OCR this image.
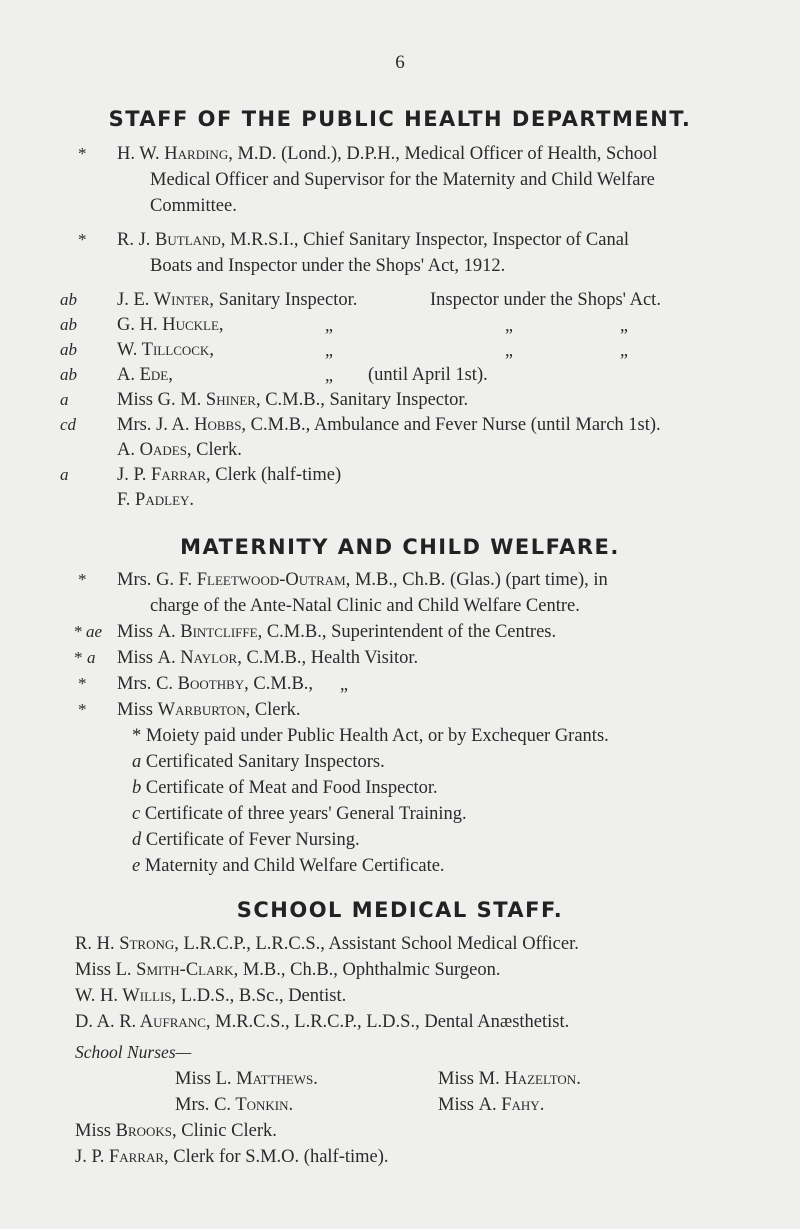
6
STAFF OF THE PUBLIC HEALTH DEPARTMENT.
* H. W. Harding, M.D. (Lond.), D.P.H., Medical Officer of Health, School
Medical Officer and Supervisor for the Maternity and Child Welfare
Committee.
* R. J. Butland, M.R.S.I., Chief Sanitary Inspector, Inspector of Canal
Boats and Inspector under the Shops' Act, 1912.
ab J. E. Winter, Sanitary Inspector.	Inspector under the Shops' Act.
ab G. H. Huckle,	„	„	„
ab W. Tillcock,	„	„	„
ab A. Ede,	„ (until April 1st).
a	Miss G. M. Shiner, C.M.B., Sanitary Inspector.
cd Mrs. J. A. Hobbs, C.M.B., Ambulance and Fever Nurse (until March 1st).
A. Oades, Clerk.
a	J. P. Farrar, Clerk (half-time)
F. Padley.
MATERNITY AND CHILD WELFARE.
* Mrs. G. F. Fleetwood-Outram, M.B., Ch.B. (Glas.) (part time), in
charge of the Ante-Natal Clinic and Child Welfare Centre.
* ae Miss A. Bintcliffe, C.M.B., Superintendent of the Centres.
* a Miss A. Naylor, C.M.B., Health Visitor.
* Mrs. C. Boothby, C.M.B., „
* Miss Warburton, Clerk.
* Moiety paid under Public Health Act, or by Exchequer Grants.
a Certificated Sanitary Inspectors.
b Certificate of Meat and Food Inspector.
c Certificate of three years' General Training.
d Certificate of Fever Nursing.
e Maternity and Child Welfare Certificate.
SCHOOL MEDICAL STAFF.
R. H. Strong, L.R.C.P., L.R.C.S., Assistant School Medical Officer.
Miss L. Smith-Clark, M.B., Ch.B., Ophthalmic Surgeon.
W. H. Willis, L.D.S., B.Sc., Dentist.
D. A. R. Aufranc, M.R.C.S., L.R.C.P., L.D.S., Dental Anæsthetist.
School Nurses—
Miss L. Matthews.	Miss M. Hazelton.
Mrs. C. Tonkin.	Miss A. Fahy.
Miss Brooks, Clinic Clerk.
J. P. Farrar, Clerk for S.M.O. (half-time).
